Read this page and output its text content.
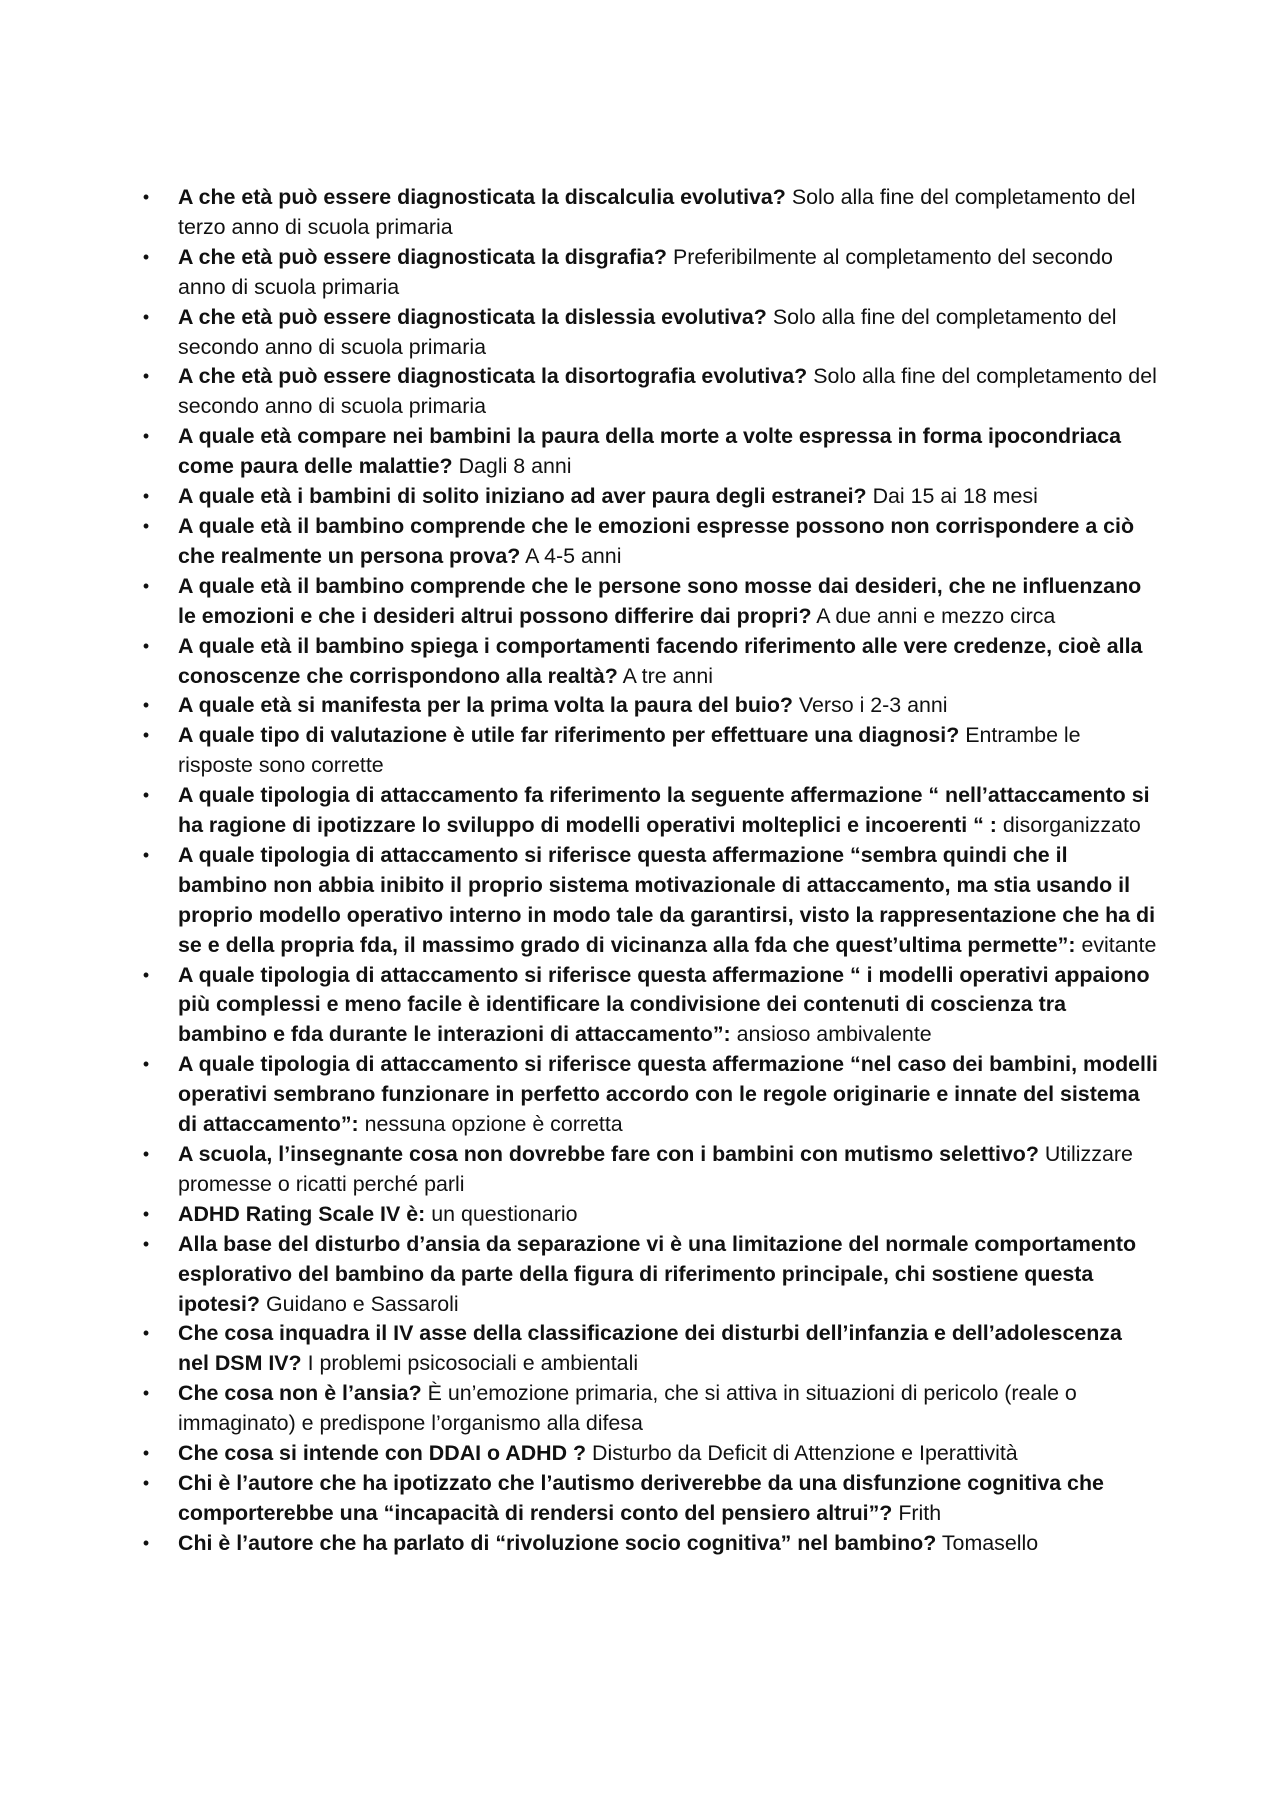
• A che età può essere diagnosticata la discalculia evolutiva? Solo alla fine del completamento del terzo anno di scuola primaria
• A che età può essere diagnosticata la disgrafia? Preferibilmente al completamento del secondo anno di scuola primaria
• A che età può essere diagnosticata la dislessia evolutiva? Solo alla fine del completamento del secondo anno di scuola primaria
• A che età può essere diagnosticata la disortografia evolutiva? Solo alla fine del completamento del secondo anno di scuola primaria
• A quale età compare nei bambini la paura della morte a volte espressa in forma ipocondriaca come paura delle malattie? Dagli 8 anni
• A quale età i bambini di solito iniziano ad aver paura degli estranei? Dai 15 ai 18 mesi
• A quale età il bambino comprende che le emozioni espresse possono non corrispondere a ciò che realmente un persona prova? A 4-5 anni
• A quale età il bambino comprende che le persone sono mosse dai desideri, che ne influenzano le emozioni e che i desideri altrui possono differire dai propri? A due anni e mezzo circa
• A quale età il bambino spiega i comportamenti facendo riferimento alle vere credenze, cioè alla conoscenze che corrispondono alla realtà? A tre anni
• A quale età si manifesta per la prima volta la paura del buio? Verso i 2-3 anni
• A quale tipo di valutazione è utile far riferimento per effettuare una diagnosi? Entrambe le risposte sono corrette
• A quale tipologia di attaccamento fa riferimento la seguente affermazione “ nell’attaccamento si ha ragione di ipotizzare lo sviluppo di modelli operativi molteplici e incoerenti “ : disorganizzato
• A quale tipologia di attaccamento si riferisce questa affermazione “sembra quindi che il bambino non abbia inibito il proprio sistema motivazionale di attaccamento, ma stia usando il proprio modello operativo interno in modo tale da garantirsi, visto la rappresentazione che ha di se e della propria fda, il massimo grado di vicinanza alla fda che quest’ultima permette”: evitante
• A quale tipologia di attaccamento si riferisce questa affermazione “ i modelli operativi appaiono più complessi e meno facile è identificare la condivisione dei contenuti di coscienza tra bambino e fda durante le interazioni di attaccamento”: ansioso ambivalente
• A quale tipologia di attaccamento si riferisce questa affermazione “nel caso dei bambini, modelli operativi sembrano funzionare in perfetto accordo con le regole originarie e innate del sistema di attaccamento”: nessuna opzione è corretta
• A scuola, l’insegnante cosa non dovrebbe fare con i bambini con mutismo selettivo? Utilizzare promesse o ricatti perché parli
• ADHD Rating Scale IV è: un questionario
• Alla base del disturbo d’ansia da separazione vi è una limitazione del normale comportamento esplorativo del bambino da parte della figura di riferimento principale, chi sostiene questa ipotesi? Guidano e Sassaroli
• Che cosa inquadra il IV asse della classificazione dei disturbi dell’infanzia e dell’adolescenza nel DSM IV? I problemi psicosociali e ambientali
• Che cosa non è l’ansia? È un’emozione primaria, che si attiva in situazioni di pericolo (reale o immaginato) e predispone l’organismo alla difesa
• Che cosa si intende con DDAI o ADHD ? Disturbo da Deficit di Attenzione e Iperattività
• Chi è l’autore che ha ipotizzato che l’autismo deriverebbe da una disfunzione cognitiva che comporterebbe una “incapacità di rendersi conto del pensiero altrui”? Frith
• Chi è l’autore che ha parlato di “rivoluzione socio cognitiva” nel bambino? Tomasello
